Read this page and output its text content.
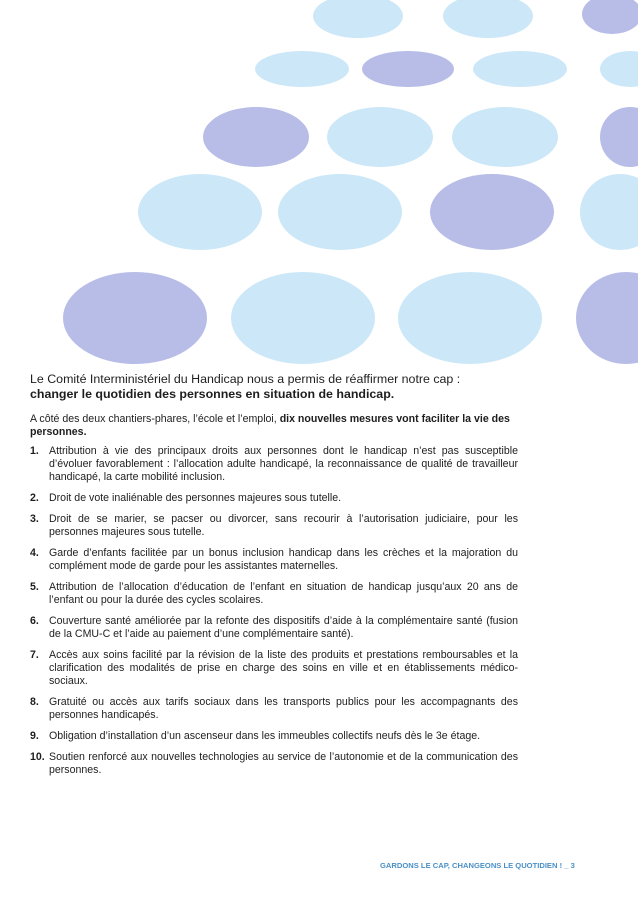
Le Comité Interministériel du Handicap nous a permis de réaffirmer notre cap :
changer le quotidien des personnes en situation de handicap.

A côté des deux chantiers-phares, l’école et l’emploi, dix nouvelles mesures vont faciliter la vie des personnes.

1. Attribution à vie des principaux droits aux personnes dont le handicap n’est pas susceptible d’évoluer favorablement : l’allocation adulte handicapé, la reconnaissance de qualité de travailleur handicapé, la carte mobilité inclusion.
2. Droit de vote inaliénable des personnes majeures sous tutelle.
3. Droit de se marier, se pacser ou divorcer, sans recourir à l’autorisation judiciaire, pour les personnes majeures sous tutelle.
4. Garde d’enfants facilitée par un bonus inclusion handicap dans les crèches et la majoration du complément mode de garde pour les assistantes maternelles.
5. Attribution de l’allocation d’éducation de l’enfant en situation de handicap jusqu’aux 20 ans de l’enfant ou pour la durée des cycles scolaires.
6. Couverture santé améliorée par la refonte des dispositifs d’aide à la complémentaire santé (fusion de la CMU-C et l’aide au paiement d’une complémentaire santé).
7. Accès aux soins facilité par la révision de la liste des produits et prestations remboursables et la clarification des modalités de prise en charge des soins en ville et en établissements médico-sociaux.
8. Gratuité ou accès aux tarifs sociaux dans les transports publics pour les accompagnants des personnes handicapés.
9. Obligation d’installation d’un ascenseur dans les immeubles collectifs neufs dès le 3e étage.
10. Soutien renforcé aux nouvelles technologies au service de l’autonomie et de la communication des personnes.
GARDONS LE CAP, CHANGEONS LE QUOTIDIEN ! _ 3
